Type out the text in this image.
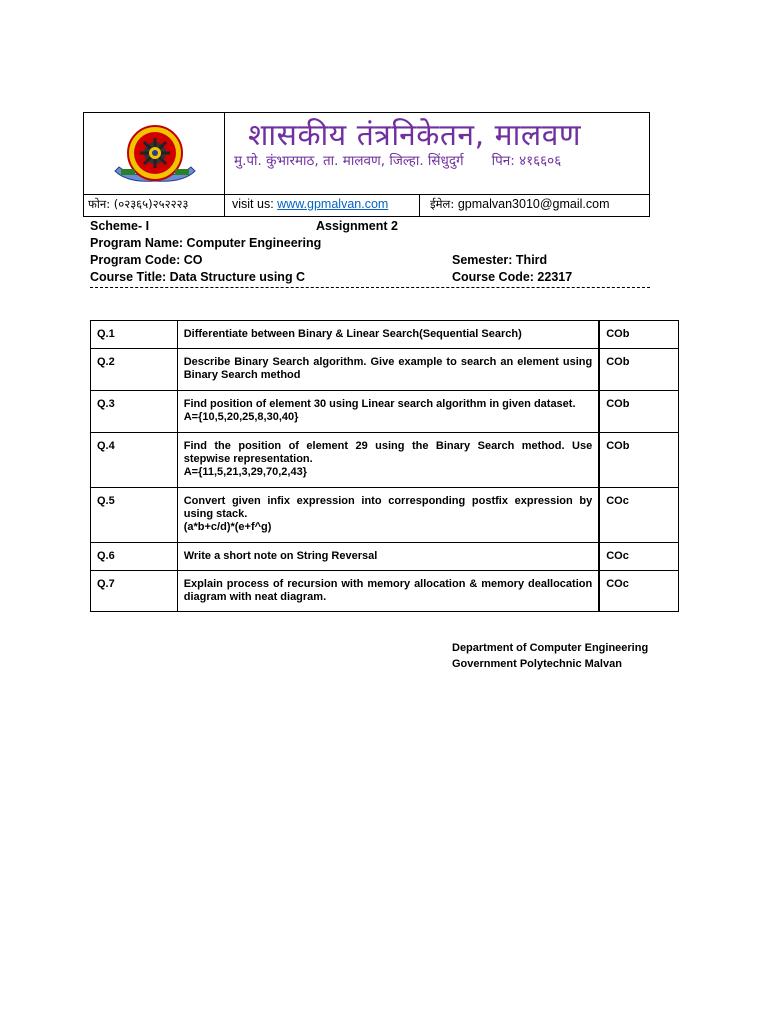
शासकीय तंत्रनिकेतन, मालवण
मु.पो. कुंभारमाठ, ता. मालवण, जिल्हा. सिंधुदुर्ग पिन: ४१६६०६
फोन: (०२३६५)२५२२२३	visit us: www.gpmalvan.com	ईमेल: gpmalvan3010@gmail.com
Scheme- I	Assignment 2
Program Name: Computer Engineering
Program Code: CO	Semester: Third
Course Title: Data Structure using C	Course Code: 22317
Q.1	Differentiate between Binary & Linear Search(Sequential Search)	COb
Q.2	Describe Binary Search algorithm. Give example to search an element using Binary Search method	COb
Q.3	Find position of element 30 using Linear search algorithm in given dataset.
A={10,5,20,25,8,30,40}	COb
Q.4	Find the position of element 29 using the Binary Search method. Use stepwise representation.
A={11,5,21,3,29,70,2,43}	COb
Q.5	Convert given infix expression into corresponding postfix expression by using stack.
(a*b+c/d)*(e+f^g)	COc
Q.6	Write a short note on String Reversal	COc
Q.7	Explain process of recursion with memory allocation & memory deallocation diagram with neat diagram.	COc
Department of Computer Engineering
Government Polytechnic Malvan
